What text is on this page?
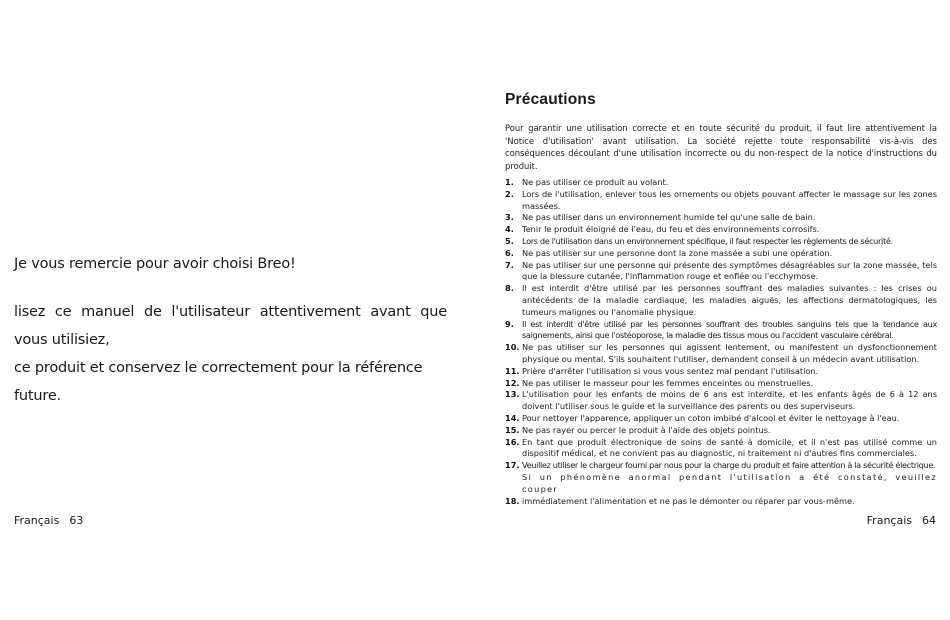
Je vous remercie pour avoir choisi Breo!

lisez ce manuel de l'utilisateur attentivement avant que
vous utilisiez,
ce produit et conservez le correctement pour la référence future.

Français 63
Précautions

Pour garantir une utilisation correcte et en toute sécurité du produit, il faut lire attentivement la 'Notice d'utilisation' avant utilisation. La société rejette toute responsabilité vis-à-vis des conséquences découlant d'une utilisation incorrecte ou du non-respect de la notice d'instructions du produit.

1. Ne pas utiliser ce produit au volant.
2. Lors de l'utilisation, enlever tous les ornements ou objets pouvant affecter le massage sur les zones massées.
3. Ne pas utiliser dans un environnement humide tel qu'une salle de bain.
4. Tenir le produit éloigné de l'eau, du feu et des environnements corrosifs.
5. Lors de l'utilisation dans un environnement spécifique, il faut respecter les règlements de sécurité.
6. Ne pas utiliser sur une personne dont la zone massée a subi une opération.
7. Ne pas utiliser sur une personne qui présente des symptômes désagréables sur la zone massée, tels que la blessure cutanée, l'inflammation rouge et enflée ou l'ecchymose.
8. Il est interdit d'être utilisé par les personnes souffrant des maladies suivantes : les crises ou antécédents de la maladie cardiaque, les maladies aiguës, les affections dermatologiques, les tumeurs malignes ou l'anomalie physique.
9. Il est interdit d'être utilisé par les personnes souffrant des troubles sanguins tels que la tendance aux saignements, ainsi que l'ostéoporose, la maladie des tissus mous ou l'accident vasculaire cérébral.
10. Ne pas utiliser sur les personnes qui agissent lentement, ou manifestent un dysfonctionnement physique ou mental. S'ils souhaitent l'utiliser, demandent conseil à un médecin avant utilisation.
11. Prière d'arrêter l'utilisation si vous vous sentez mal pendant l'utilisation.
12. Ne pas utiliser le masseur pour les femmes enceintes ou menstruelles.
13. L'utilisation pour les enfants de moins de 6 ans est interdite, et les enfants âgés de 6 à 12 ans doivent l'utiliser sous le guide et la surveillance des parents ou des superviseurs.
14. Pour nettoyer l'apparence, appliquer un coton imbibé d'alcool et éviter le nettoyage à l'eau.
15. Ne pas rayer ou percer le produit à l'aide des objets pointus.
16. En tant que produit électronique de soins de santé à domicile, et il n'est pas utilisé comme un dispositif médical, et ne convient pas au diagnostic, ni traitement ni d'autres fins commerciales.
17. Veuillez utiliser le chargeur fourni par nous pour la charge du produit et faire attention à la sécurité électrique.
Si un phénomène anormal pendant l'utilisation a été constaté, veuillez couper
18. immédiatement l'alimentation et ne pas le démonter ou réparer par vous-même.
Français 64
